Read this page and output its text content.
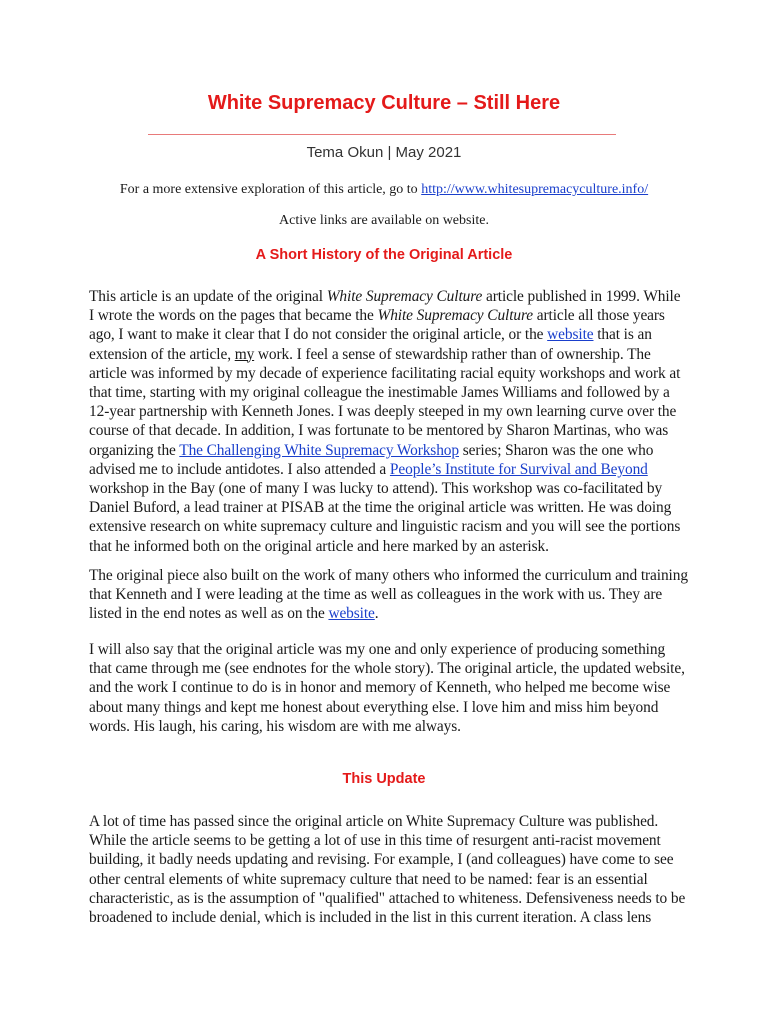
White Supremacy Culture – Still Here
Tema Okun | May 2021
For a more extensive exploration of this article, go to http://www.whitesupremacyculture.info/
Active links are available on website.
A Short History of the Original Article

This article is an update of the original White Supremacy Culture article published in 1999. While I wrote the words on the pages that became the White Supremacy Culture article all those years ago, I want to make it clear that I do not consider the original article, or the website that is an extension of the article, my work. I feel a sense of stewardship rather than of ownership. The article was informed by my decade of experience facilitating racial equity workshops and work at that time, starting with my original colleague the inestimable James Williams and followed by a 12-year partnership with Kenneth Jones. I was deeply steeped in my own learning curve over the course of that decade. In addition, I was fortunate to be mentored by Sharon Martinas, who was organizing the The Challenging White Supremacy Workshop series; Sharon was the one who advised me to include antidotes. I also attended a People’s Institute for Survival and Beyond workshop in the Bay (one of many I was lucky to attend). This workshop was co-facilitated by Daniel Buford, a lead trainer at PISAB at the time the original article was written. He was doing extensive research on white supremacy culture and linguistic racism and you will see the portions that he informed both on the original article and here marked by an asterisk.

The original piece also built on the work of many others who informed the curriculum and training that Kenneth and I were leading at the time as well as colleagues in the work with us. They are listed in the end notes as well as on the website.

I will also say that the original article was my one and only experience of producing something that came through me (see endnotes for the whole story). The original article, the updated website, and the work I continue to do is in honor and memory of Kenneth, who helped me become wise about many things and kept me honest about everything else. I love him and miss him beyond words. His laugh, his caring, his wisdom are with me always.

This Update

A lot of time has passed since the original article on White Supremacy Culture was published. While the article seems to be getting a lot of use in this time of resurgent anti-racist movement building, it badly needs updating and revising. For example, I (and colleagues) have come to see other central elements of white supremacy culture that need to be named: fear is an essential characteristic, as is the assumption of "qualified" attached to whiteness. Defensiveness needs to be broadened to include denial, which is included in the list in this current iteration. A class lens
